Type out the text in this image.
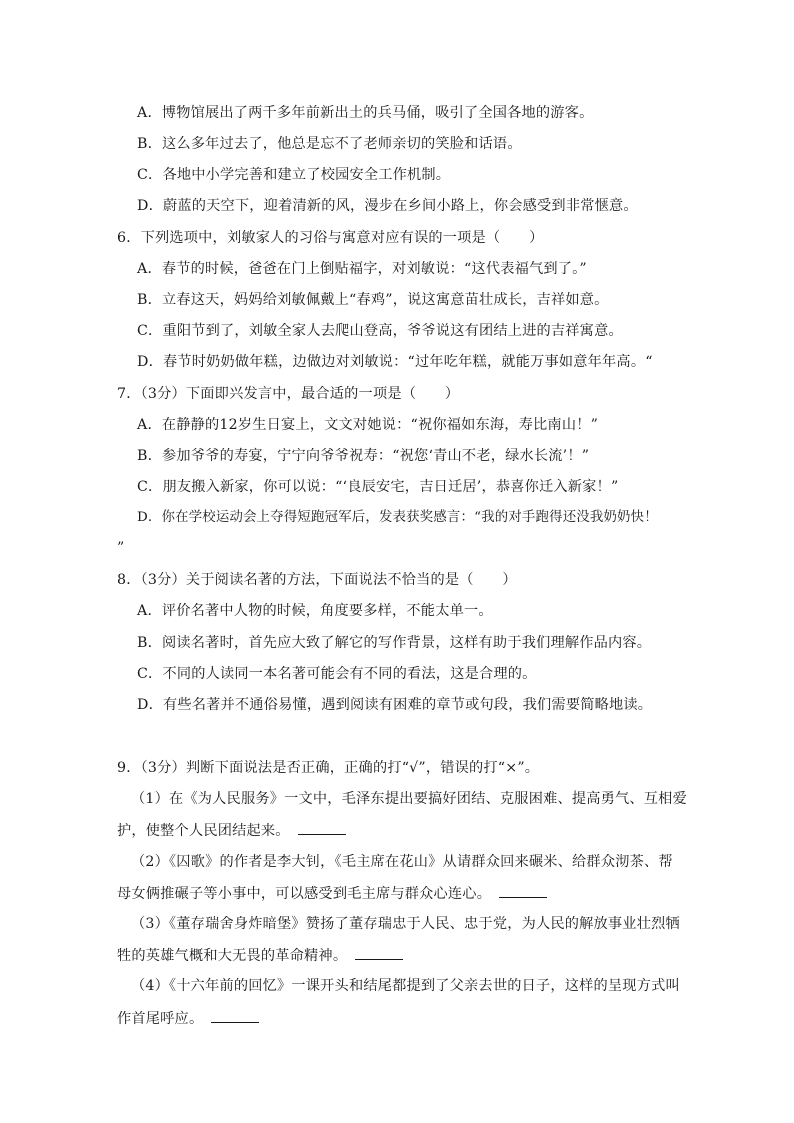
A．博物馆展出了两千多年前新出土的兵马俑，吸引了全国各地的游客。
B．这么多年过去了，他总是忘不了老师亲切的笑脸和话语。
C．各地中小学完善和建立了校园安全工作机制。
D．蔚蓝的天空下，迎着清新的风，漫步在乡间小路上，你会感受到非常惬意。
6．下列选项中，刘敏家人的习俗与寓意对应有误的一项是（　　）
A．春节的时候，爸爸在门上倒贴福字，对刘敏说：“这代表福气到了。”
B．立春这天，妈妈给刘敏佩戴上“春鸡”，说这寓意苗壮成长，吉祥如意。
C．重阳节到了，刘敏全家人去爬山登高，爷爷说这有团结上进的吉祥寓意。
D．春节时奶奶做年糕，边做边对刘敏说：“过年吃年糕，就能万事如意年年高。“
7．（3分）下面即兴发言中，最合适的一项是（　　）
A．在静静的12岁生日宴上，文文对她说：“祝你福如东海，寿比南山！”
B．参加爷爷的寿宴，宁宁向爷爷祝寿：“祝您‘青山不老，绿水长流’！”
C．朋友搬入新家，你可以说：“‘良辰安宅，吉日迁居’，恭喜你迁入新家！”
D．你在学校运动会上夺得短跑冠军后，发表获奖感言：“我的对手跑得还没我奶奶快！
”
8．（3分）关于阅读名著的方法，下面说法不恰当的是（　　）
A．评价名著中人物的时候，角度要多样，不能太单一。
B．阅读名著时，首先应大致了解它的写作背景，这样有助于我们理解作品内容。
C．不同的人读同一本名著可能会有不同的看法，这是合理的。
D．有些名著并不通俗易懂，遇到阅读有困难的章节或句段，我们需要简略地读。
9．（3分）判断下面说法是否正确，正确的打“√”，错误的打“×”。
（1）在《为人民服务》一文中，毛泽东提出要搞好团结、克服困难、提高勇气、互相爱
护，使整个人民团结起来。
（2）《囚歌》的作者是李大钊，《毛主席在花山》从请群众回来碾米、给群众沏茶、帮
母女俩推碾子等小事中，可以感受到毛主席与群众心连心。
（3）《董存瑞舍身炸暗堡》赞扬了董存瑞忠于人民、忠于党，为人民的解放事业壮烈牺
牲的英雄气概和大无畏的革命精神。
（4）《十六年前的回忆》一课开头和结尾都提到了父亲去世的日子，这样的呈现方式叫
作首尾呼应。
